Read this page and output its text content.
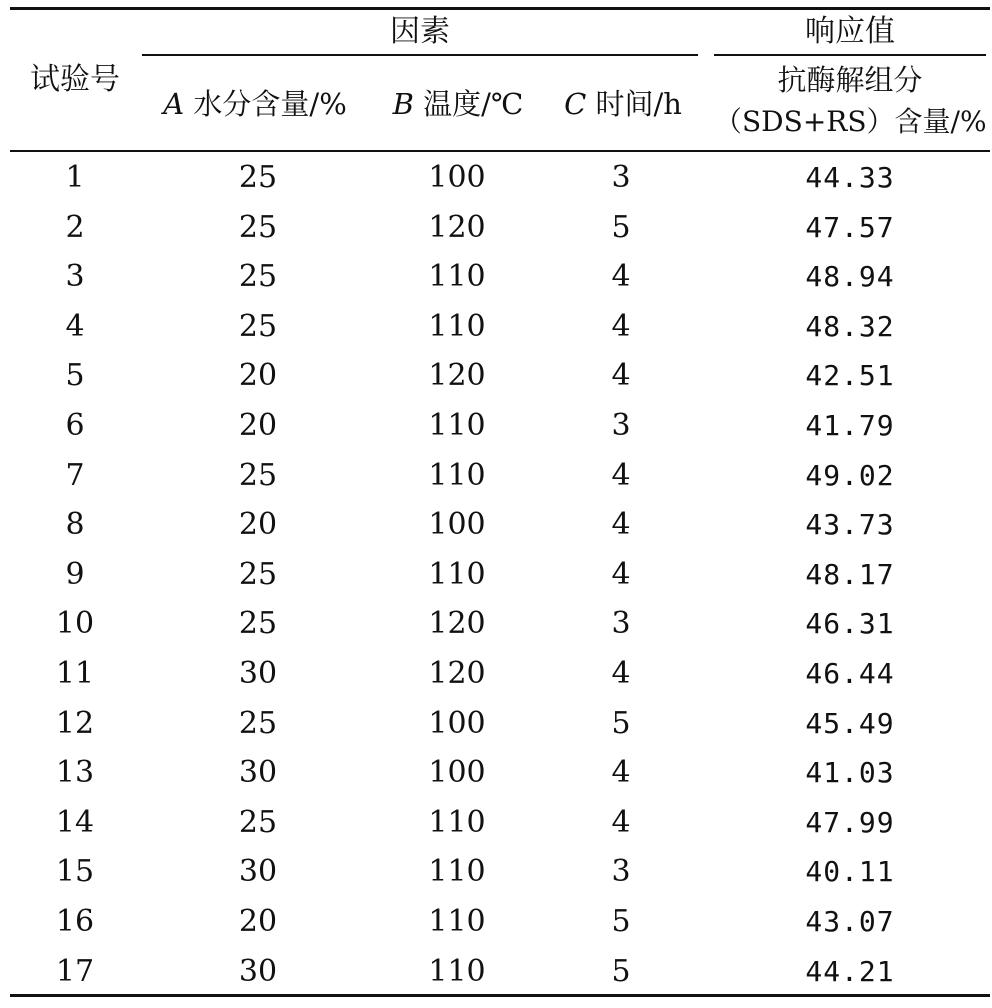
试验号
因素	响应值
A 水分含量/%	B 温度/℃	C 时间/h
抗酶解组分
（SDS+RS）含量/%
1	25	100	3	44.33
2	25	120	5	47.57
3	25	110	4	48.94
4	25	110	4	48.32
5	20	120	4	42.51
6	20	110	3	41.79
7	25	110	4	49.02
8	20	100	4	43.73
9	25	110	4	48.17
10	25	120	3	46.31
11	30	120	4	46.44
12	25	100	5	45.49
13	30	100	4	41.03
14	25	110	4	47.99
15	30	110	3	40.11
16	20	110	5	43.07
17	30	110	5	44.21
